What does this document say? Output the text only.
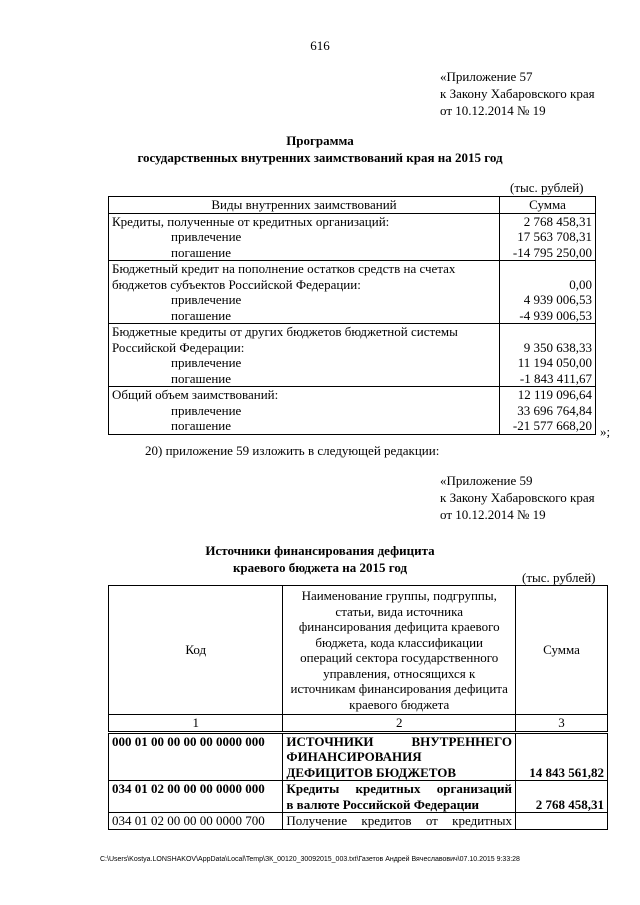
616
«Приложение 57
к Закону Хабаровского края
от 10.12.2014 № 19
Программа
государственных внутренних заимствований края на 2015 год
(тыс. рублей)
Виды внутренних заимствований	Сумма
Кредиты, полученные от кредитных организаций:	2 768 458,31
привлечение	17 563 708,31
погашение	-14 795 250,00
Бюджетный кредит на пополнение остатков средств на счетах	
бюджетов субъектов Российской Федерации:	0,00
привлечение	4 939 006,53
погашение	-4 939 006,53
Бюджетные кредиты от других бюджетов бюджетной системы	
Российской Федерации:	9 350 638,33
привлечение	11 194 050,00
погашение	-1 843 411,67
Общий объем заимствований:	12 119 096,64
привлечение	33 696 764,84
погашение	-21 577 668,20 »;
20) приложение 59 изложить в следующей редакции:
«Приложение 59
к Закону Хабаровского края
от 10.12.2014 № 19
Источники финансирования дефицита
краевого бюджета на 2015 год
(тыс. рублей)
Код	Наименование группы, подгруппы, статьи, вида источника финансирования дефицита краевого бюджета, кода классификации операций сектора государственного управления, относящихся к источникам финансирования дефицита краевого бюджета	Сумма
1	2	3
000 01 00 00 00 00 0000 000	ИСТОЧНИКИ ВНУТРЕННЕГО
ФИНАНСИРОВАНИЯ
ДЕФИЦИТОВ БЮДЖЕТОВ	14 843 561,82
034 01 02 00 00 00 0000 000	Кредиты кредитных организаций
в валюте Российской Федерации	2 768 458,31
034 01 02 00 00 00 0000 700	Получение кредитов от кредитных	

C:\Users\Kostya.LONSHAKOV\AppData\Local\Temp\ЗК_00120_30092015_003.txt\Газетов Андрей Вячеславович\07.10.2015 9:33:28
